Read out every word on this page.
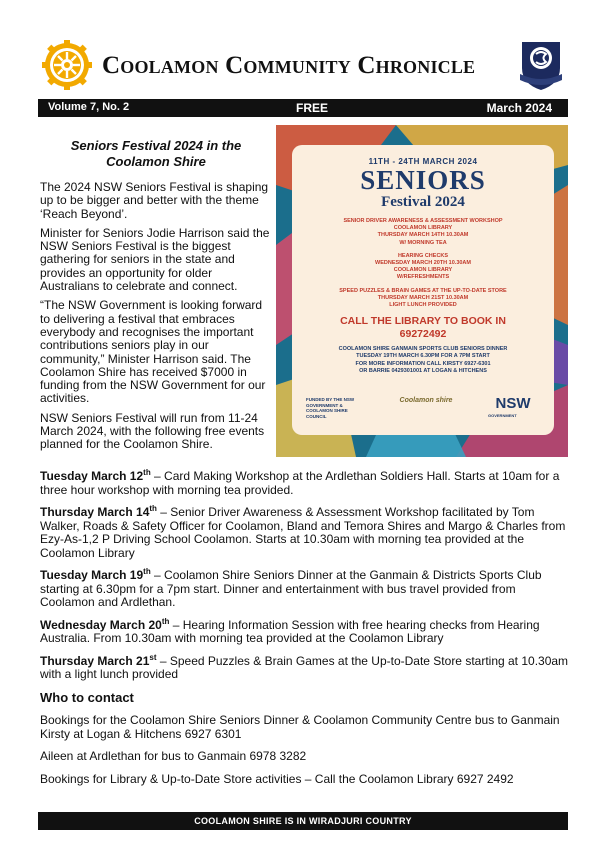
Coolamon Community Chronicle
Volume 7, No. 2	FREE	March 2024
Seniors Festival 2024 in the Coolamon Shire

The 2024 NSW Seniors Festival is shaping up to be bigger and better with the theme ‘Reach Beyond’.

Minister for Seniors Jodie Harrison said the NSW Seniors Festival is the biggest gathering for seniors in the state and provides an opportunity for older Australians to celebrate and connect.

“The NSW Government is looking forward to delivering a festival that embraces everybody and recognises the important contributions seniors play in our community,” Minister Harrison said. The Coolamon Shire has received $7000 in funding from the NSW Government for our activities.

NSW Seniors Festival will run from 11-24 March 2024, with the following free events planned for the Coolamon Shire.

11TH - 24TH MARCH 2024
SENIORS
Festival 2024
SENIOR DRIVER AWARENESS & ASSESSMENT WORKSHOP
COOLAMON LIBRARY
THURSDAY MARCH 14TH 10.30AM
W/ MORNING TEA
HEARING CHECKS
WEDNESDAY MARCH 20TH 10.30AM
COOLAMON LIBRARY
W/REFRESHMENTS
SPEED PUZZLES & BRAIN GAMES AT THE UP-TO-DATE STORE
THURSDAY MARCH 21ST 10.30AM
LIGHT LUNCH PROVIDED
CALL THE LIBRARY TO BOOK IN
69272492
COOLAMON SHIRE GANMAIN SPORTS CLUB SENIORS DINNER
TUESDAY 19TH MARCH 6.30PM FOR A 7PM START
FOR MORE INFORMATION CALL KIRSTY 6927-6301
OR BARRIE 0429301001 AT LOGAN & HITCHENS
FUNDED BY THE NSW GOVERNMENT & COOLAMON SHIRE COUNCIL
Coolamon shire	NSW
GOVERNMENT

Tuesday March 12th – Card Making Workshop at the Ardlethan Soldiers Hall. Starts at 10am for a three hour workshop with morning tea provided.

Thursday March 14th – Senior Driver Awareness & Assessment Workshop facilitated by Tom Walker, Roads & Safety Officer for Coolamon, Bland and Temora Shires and Margo & Charles from Ezy-As-1,2 P Driving School Coolamon. Starts at 10.30am with morning tea provided at the Coolamon Library

Tuesday March 19th – Coolamon Shire Seniors Dinner at the Ganmain & Districts Sports Club starting at 6.30pm for a 7pm start. Dinner and entertainment with bus travel provided from Coolamon and Ardlethan.

Wednesday March 20th – Hearing Information Session with free hearing checks from Hearing Australia. From 10.30am with morning tea provided at the Coolamon Library

Thursday March 21st – Speed Puzzles & Brain Games at the Up-to-Date Store starting at 10.30am with a light lunch provided

Who to contact

Bookings for the Coolamon Shire Seniors Dinner & Coolamon Community Centre bus to Ganmain Kirsty at Logan & Hitchens 6927 6301

Aileen at Ardlethan for bus to Ganmain 6978 3282

Bookings for Library & Up-to-Date Store activities – Call the Coolamon Library 6927 2492

COOLAMON SHIRE IS IN WIRADJURI COUNTRY
